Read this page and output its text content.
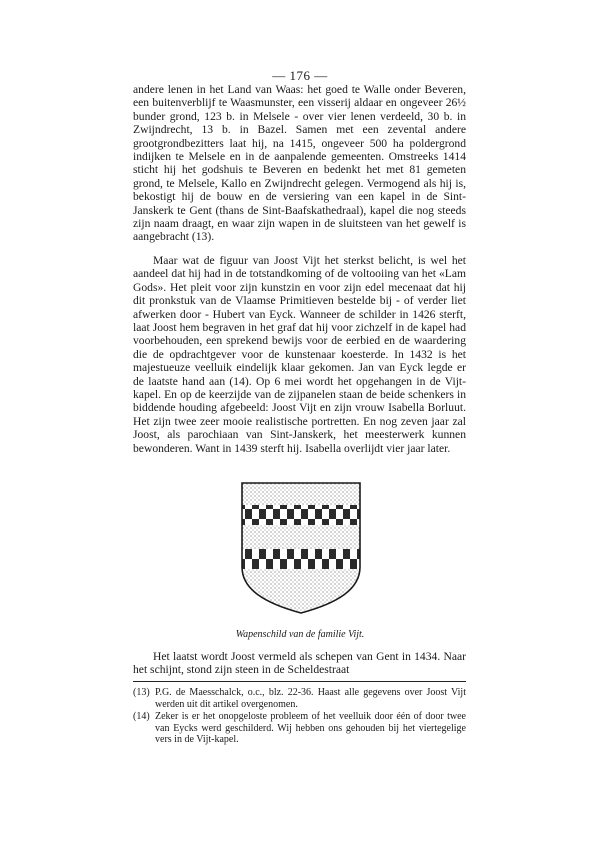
— 176 —

andere lenen in het Land van Waas: het goed te Walle onder Beveren, een buitenverblijf te Waasmunster, een visserij aldaar en ongeveer 26½ bunder grond, 123 b. in Melsele - over vier lenen verdeeld, 30 b. in Zwijndrecht, 13 b. in Bazel. Samen met een zevental andere grootgrondbezitters laat hij, na 1415, ongeveer 500 ha poldergrond indijken te Melsele en in de aanpalende gemeenten. Omstreeks 1414 sticht hij het godshuis te Beveren en bedenkt het met 81 gemeten grond, te Melsele, Kallo en Zwijndrecht gelegen. Vermogend als hij is, bekostigt hij de bouw en de versiering van een kapel in de Sint-Janskerk te Gent (thans de Sint-Baafskathedraal), kapel die nog steeds zijn naam draagt, en waar zijn wapen in de sluitsteen van het gewelf is aangebracht (13).

Maar wat de figuur van Joost Vijt het sterkst belicht, is wel het aandeel dat hij had in de totstandkoming of de voltooiing van het «Lam Gods». Het pleit voor zijn kunstzin en voor zijn edel mecenaat dat hij dit pronkstuk van de Vlaamse Primitieven bestelde bij - of verder liet afwerken door - Hubert van Eyck. Wanneer de schilder in 1426 sterft, laat Joost hem begraven in het graf dat hij voor zichzelf in de kapel had voorbehouden, een sprekend bewijs voor de eerbied en de waardering die de opdrachtgever voor de kunstenaar koesterde. In 1432 is het majestueuze veelluik eindelijk klaar gekomen. Jan van Eyck legde er de laatste hand aan (14). Op 6 mei wordt het opgehangen in de Vijt-kapel. En op de keerzijde van de zijpanelen staan de beide schenkers in biddende houding afgebeeld: Joost Vijt en zijn vrouw Isabella Borluut. Het zijn twee zeer mooie realistische portretten. En nog zeven jaar zal Joost, als parochiaan van Sint-Janskerk, het meesterwerk kunnen bewonderen. Want in 1439 sterft hij. Isabella overlijdt vier jaar later.

Wapenschild van de familie Vijt.

Het laatst wordt Joost vermeld als schepen van Gent in 1434. Naar het schijnt, stond zijn steen in de Scheldestraat

(13) P.G. de Maesschalck, o.c., blz. 22-36. Haast alle gegevens over Joost Vijt werden uit dit artikel overgenomen.
(14) Zeker is er het onopgeloste probleem of het veelluik door één of door twee van Eycks werd geschilderd. Wij hebben ons gehouden bij het viertegelige vers in de Vijt-kapel.
